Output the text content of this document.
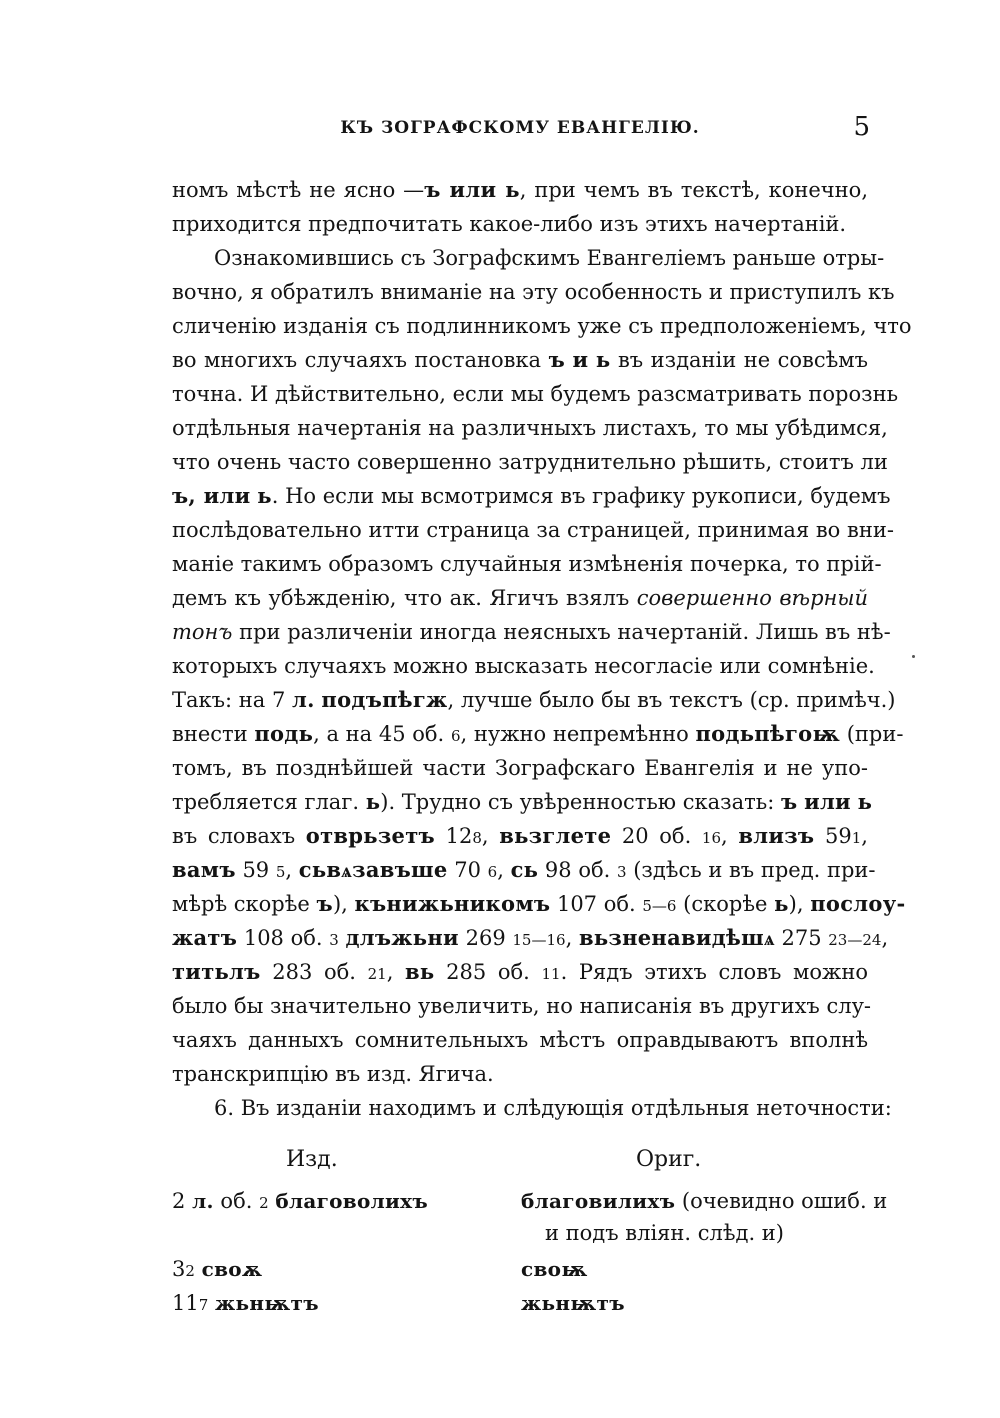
КЪ ЗОГРАФСКОМУ ЕВАНГЕЛІЮ.	5
номъ мѣстѣ не ясно —ъ или ь, при чемъ въ текстѣ, конечно,
приходится предпочитать какое-либо изъ этихъ начертаній.
Ознакомившись съ Зографскимъ Евангеліемъ раньше отры-
вочно, я обратилъ вниманіе на эту особенность и приступилъ къ
сличенію изданія съ подлинникомъ уже съ предположеніемъ, что
во многихъ случаяхъ постановка ъ и ь въ изданіи не совсѣмъ
точна. И дѣйствительно, если мы будемъ разсматривать порознь
отдѣльныя начертанія на различныхъ листахъ, то мы убѣдимся,
что очень часто совершенно затруднительно рѣшить, стоитъ ли
ъ, или ь. Но если мы всмотримся въ графику рукописи, будемъ
послѣдовательно итти страница за страницей, принимая во вни-
маніе такимъ образомъ случайныя измѣненія почерка, то прій-
демъ къ убѣжденію, что ак. Ягичъ взялъ совершенно вѣрный
тонъ при различеніи иногда неясныхъ начертаній. Лишь въ нѣ-
которыхъ случаяхъ можно высказать несогласіе или сомнѣніе.
Такъ: на 7 л. подъпѣгж, лучше было бы въ текстъ (ср. примѣч.)
внести подь, а на 45 об. 6, нужно непремѣнно подьпѣгоѭ (при-
томъ, въ позднѣйшей части Зографскаго Евангелія и не упо-
требляется глаг. ь). Трудно съ увѣренностью сказать: ъ или ь
въ словахъ отврьзетъ 128, вьзглете 20 об. 16, влизъ 591,
вамъ 59 5, сьвѧзавъше 70 6, сь 98 об. 3 (здѣсь и въ пред. при-
мѣрѣ скорѣе ъ), кънижьникомъ 107 об. 5—6 (скорѣе ь), послоу-
жатъ 108 об. 3 длъжьни 269 15—16, вьзненавидѣшѧ 275 23—24,
титьлъ 283 об. 21, вь 285 об. 11. Рядъ этихъ словъ можно
было бы значительно увеличить, но написанія въ другихъ слу-
чаяхъ данныхъ сомнительныхъ мѣстъ оправдываютъ вполнѣ
транскрипцію въ изд. Ягича.
6. Въ изданіи находимъ и слѣдующія отдѣльныя неточности:
Изд.	Ориг.
2 л. об. 2 благоволихъ	благовилихъ (очевидно ошиб. и
и подъ вліян. слѣд. и)
32 своѫ	своѭ
117 жьнѭтъ	жьнѭтъ
